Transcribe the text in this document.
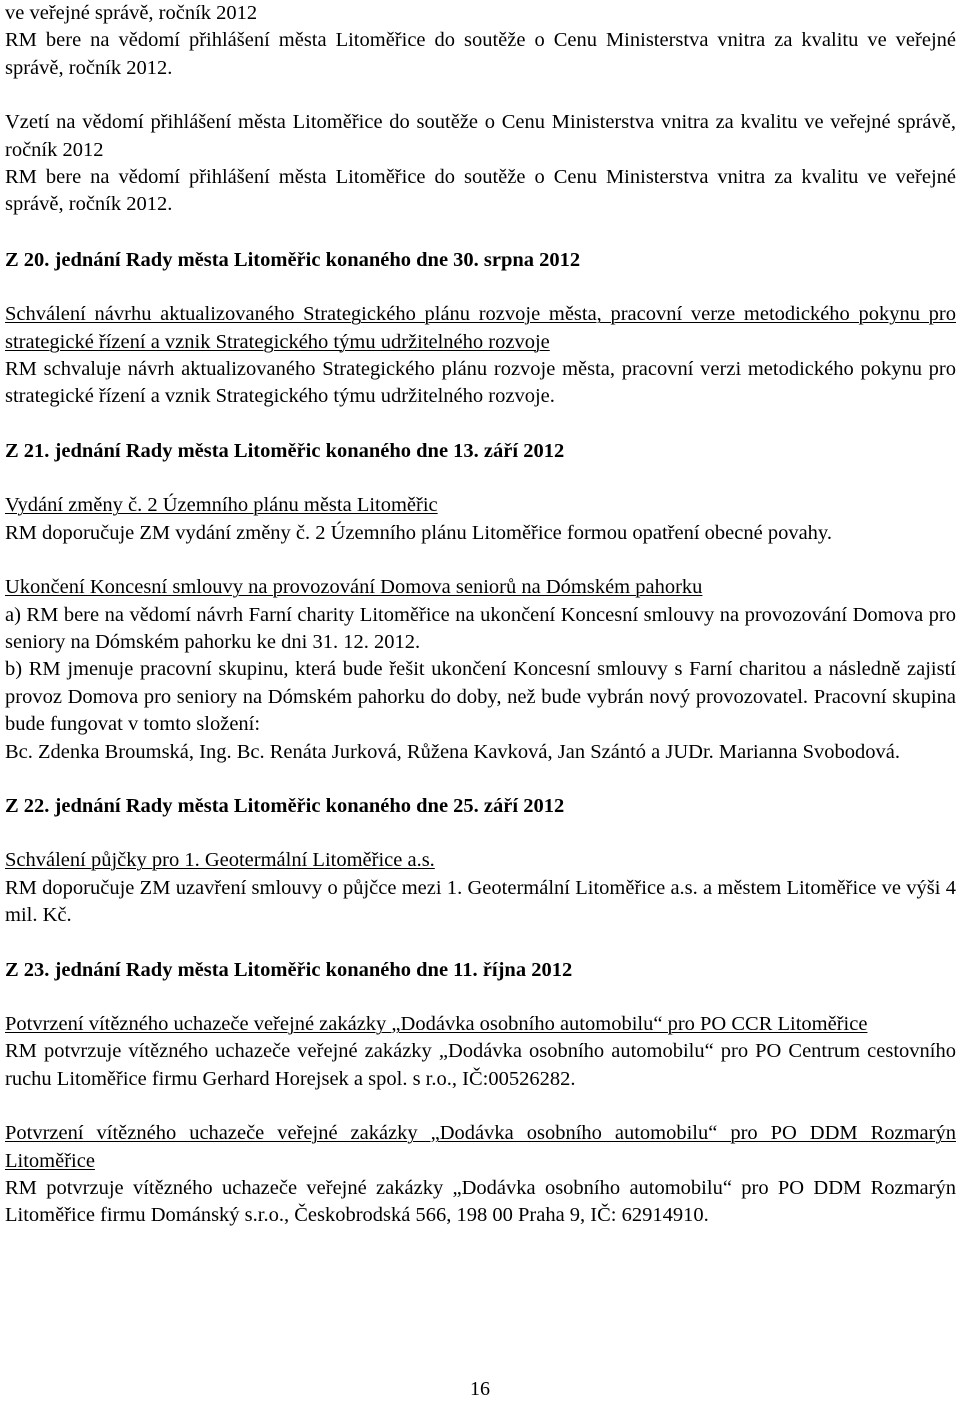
ve veřejné správě, ročník 2012

RM bere na vědomí přihlášení města Litoměřice do soutěže o Cenu Ministerstva vnitra za kvalitu ve veřejné správě, ročník 2012.

Vzetí na vědomí přihlášení města Litoměřice do soutěže o Cenu Ministerstva vnitra za kvalitu ve veřejné správě, ročník 2012

RM bere na vědomí přihlášení města Litoměřice do soutěže o Cenu Ministerstva vnitra za kvalitu ve veřejné správě, ročník 2012.

Z 20. jednání Rady města Litoměřic konaného dne 30. srpna 2012

Schválení návrhu aktualizovaného Strategického plánu rozvoje města, pracovní verze metodického pokynu pro strategické řízení a vznik Strategického týmu udržitelného rozvoje

RM schvaluje návrh aktualizovaného Strategického plánu rozvoje města, pracovní verzi metodického pokynu pro strategické řízení a vznik Strategického týmu udržitelného rozvoje.

Z 21. jednání Rady města Litoměřic konaného dne 13. září 2012

Vydání změny č. 2 Územního plánu města Litoměřic

RM doporučuje ZM vydání změny č. 2 Územního plánu Litoměřice formou opatření obecné povahy.

Ukončení Koncesní smlouvy na provozování Domova seniorů na Dómském pahorku

a) RM bere na vědomí návrh Farní charity Litoměřice na ukončení Koncesní smlouvy na provozování Domova pro seniory na Dómském pahorku ke dni 31. 12. 2012.

b) RM jmenuje pracovní skupinu, která bude řešit ukončení Koncesní smlouvy s Farní charitou a následně zajistí provoz Domova pro seniory na Dómském pahorku do doby, než bude vybrán nový provozovatel. Pracovní skupina bude fungovat v tomto složení:

Bc. Zdenka Broumská, Ing. Bc. Renáta Jurková, Růžena Kavková, Jan Szántó a JUDr. Marianna Svobodová.

Z 22. jednání Rady města Litoměřic konaného dne 25. září 2012

Schválení půjčky pro 1. Geotermální Litoměřice a.s.

RM doporučuje ZM uzavření smlouvy o půjčce mezi 1. Geotermální Litoměřice a.s. a městem Litoměřice ve výši 4 mil. Kč.

Z 23. jednání Rady města Litoměřic konaného dne 11. října 2012

Potvrzení vítězného uchazeče veřejné zakázky „Dodávka osobního automobilu“ pro PO CCR Litoměřice

RM potvrzuje vítězného uchazeče veřejné zakázky „Dodávka osobního automobilu“ pro PO Centrum cestovního ruchu Litoměřice firmu Gerhard Horejsek a spol. s r.o., IČ:00526282.

Potvrzení vítězného uchazeče veřejné zakázky „Dodávka osobního automobilu“ pro PO DDM Rozmarýn Litoměřice

RM potvrzuje vítězného uchazeče veřejné zakázky „Dodávka osobního automobilu“ pro PO DDM Rozmarýn Litoměřice firmu Dománský s.r.o., Českobrodská 566, 198 00 Praha 9, IČ: 62914910.

16
